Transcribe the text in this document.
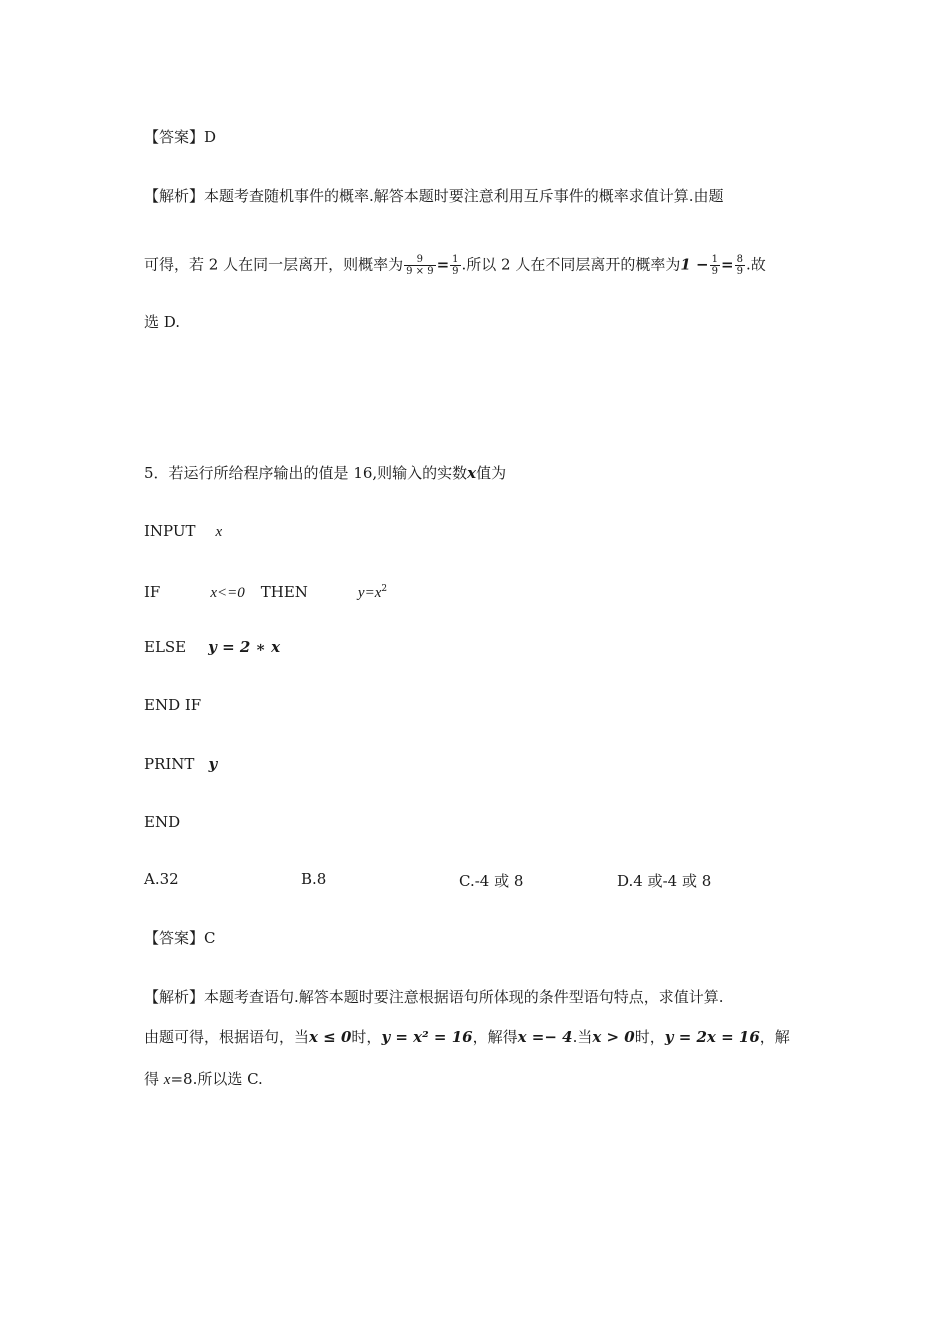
【答案】D
【解析】本题考查随机事件的概率.解答本题时要注意利用互斥事件的概率求值计算.由题
可得，若 2 人在同一层离开，则概率为 $\frac{9}{9 \times 9} = \frac{1}{9}$ .所以 2 人在不同层离开的概率为$1 - \frac{1}{9} = \frac{8}{9}$ .故
选 D.
5．若运行所给程序输出的值是 16,则输入的实数x值为
INPUT x
IF	x<=0 THEN	$y=x^2$
ELSE y = 2 ∗ x
END IF
PRINT y
END
A.32	B.8	C.-4 或 8	D.4 或-4 或 8
【答案】C
【解析】本题考查语句.解答本题时要注意根据语句所体现的条件型语句特点，求值计算.
由题可得，根据语句，当x ≤ 0时，y = x² = 16，解得x =− 4.当x > 0时，y = 2x = 16，解
得 x=8.所以选 C.
